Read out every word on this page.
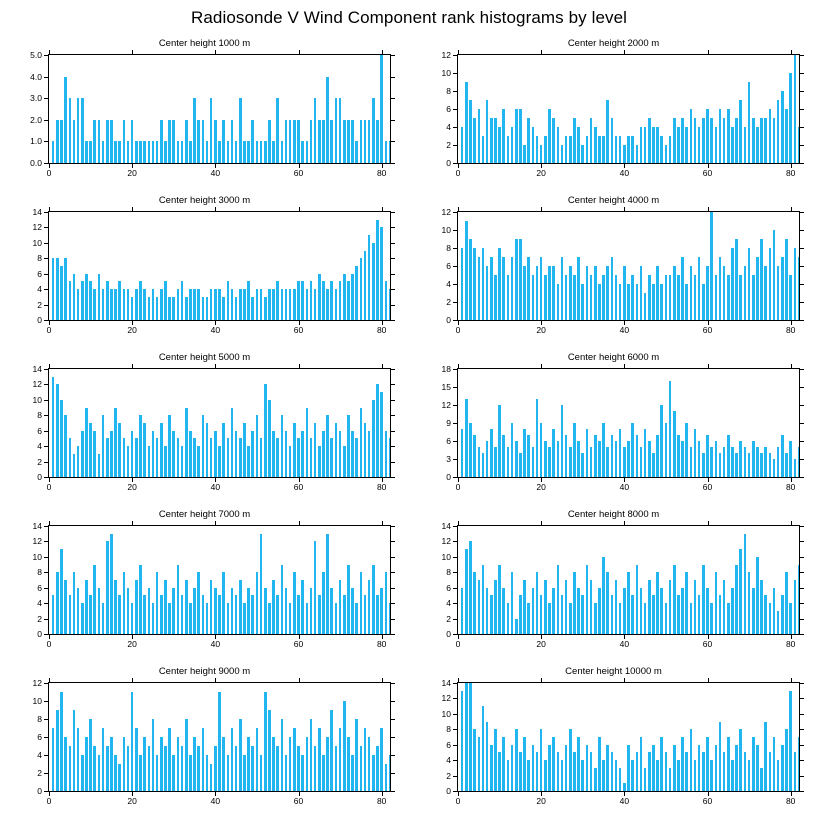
Radiosonde V Wind Component rank histograms by level
Center height 1000 m
0.0
1.0
2.0
3.0
4.0
5.0
0	20	40	60	80
Center height 2000 m
0
2
4
6
8
10
12
0	20	40	60	80
Center height 3000 m
0
2
4
6
8
10
12
14
0	20	40	60	80
Center height 4000 m
0
2
4
6
8
10
12
0	20	40	60	80
Center height 5000 m
0
2
4
6
8
10
12
14
0	20	40	60	80
Center height 6000 m
0
3
6
9
12
15
18
0	20	40	60	80
Center height 7000 m
0
2
4
6
8
10
12
14
0	20	40	60	80
Center height 8000 m
0
2
4
6
8
10
12
14
0	20	40	60	80
Center height 9000 m
0
2
4
6
8
10
12
0	20	40	60	80
Center height 10000 m
0
2
4
6
8
10
12
14
0	20	40	60	80
